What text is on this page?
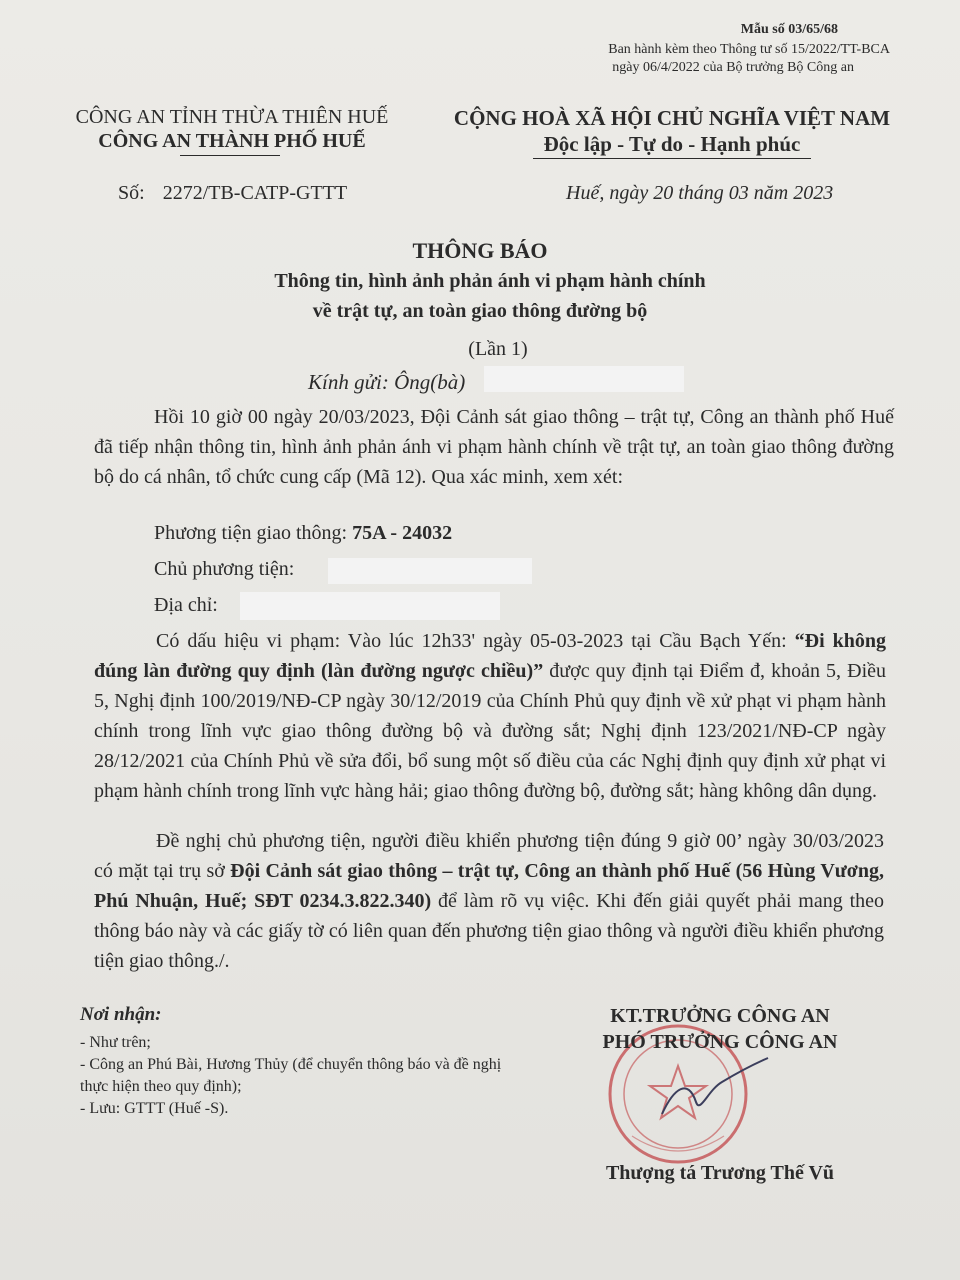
Mẫu số 03/65/68
Ban hành kèm theo Thông tư số 15/2022/TT-BCA
ngày 06/4/2022 của Bộ trưởng Bộ Công an
CÔNG AN TỈNH THỪA THIÊN HUẾ
CÔNG AN THÀNH PHỐ HUẾ
CỘNG HOÀ XÃ HỘI CHỦ NGHĨA VIỆT NAM
Độc lập - Tự do - Hạnh phúc
Số: 2272/TB-CATP-GTTT	Huế, ngày 20 tháng 03 năm 2023
THÔNG BÁO
Thông tin, hình ảnh phản ánh vi phạm hành chính
về trật tự, an toàn giao thông đường bộ
(Lần 1)
Kính gửi: Ông(bà)
Hồi 10 giờ 00 ngày 20/03/2023, Đội Cảnh sát giao thông – trật tự, Công an thành phố Huế đã tiếp nhận thông tin, hình ảnh phản ánh vi phạm hành chính về trật tự, an toàn giao thông đường bộ do cá nhân, tổ chức cung cấp (Mã 12). Qua xác minh, xem xét:
Phương tiện giao thông: 75A - 24032
Chủ phương tiện:
Địa chỉ:
Có dấu hiệu vi phạm: Vào lúc 12h33' ngày 05-03-2023 tại Cầu Bạch Yến: “Đi không đúng làn đường quy định (làn đường ngược chiều)” được quy định tại Điểm đ, khoản 5, Điều 5, Nghị định 100/2019/NĐ-CP ngày 30/12/2019 của Chính Phủ quy định về xử phạt vi phạm hành chính trong lĩnh vực giao thông đường bộ và đường sắt; Nghị định 123/2021/NĐ-CP ngày 28/12/2021 của Chính Phủ về sửa đổi, bổ sung một số điều của các Nghị định quy định xử phạt vi phạm hành chính trong lĩnh vực hàng hải; giao thông đường bộ, đường sắt; hàng không dân dụng.
Đề nghị chủ phương tiện, người điều khiển phương tiện đúng 9 giờ 00’ ngày 30/03/2023 có mặt tại trụ sở Đội Cảnh sát giao thông – trật tự, Công an thành phố Huế (56 Hùng Vương, Phú Nhuận, Huế; SĐT 0234.3.822.340) để làm rõ vụ việc. Khi đến giải quyết phải mang theo thông báo này và các giấy tờ có liên quan đến phương tiện giao thông và người điều khiển phương tiện giao thông./.
Nơi nhận:
- Như trên;
- Công an Phú Bài, Hương Thủy (để chuyển thông báo và đề nghị thực hiện theo quy định);
- Lưu: GTTT (Huế -S).
KT.TRƯỞNG CÔNG AN
PHÓ TRƯỞNG CÔNG AN
Thượng tá Trương Thế Vũ
